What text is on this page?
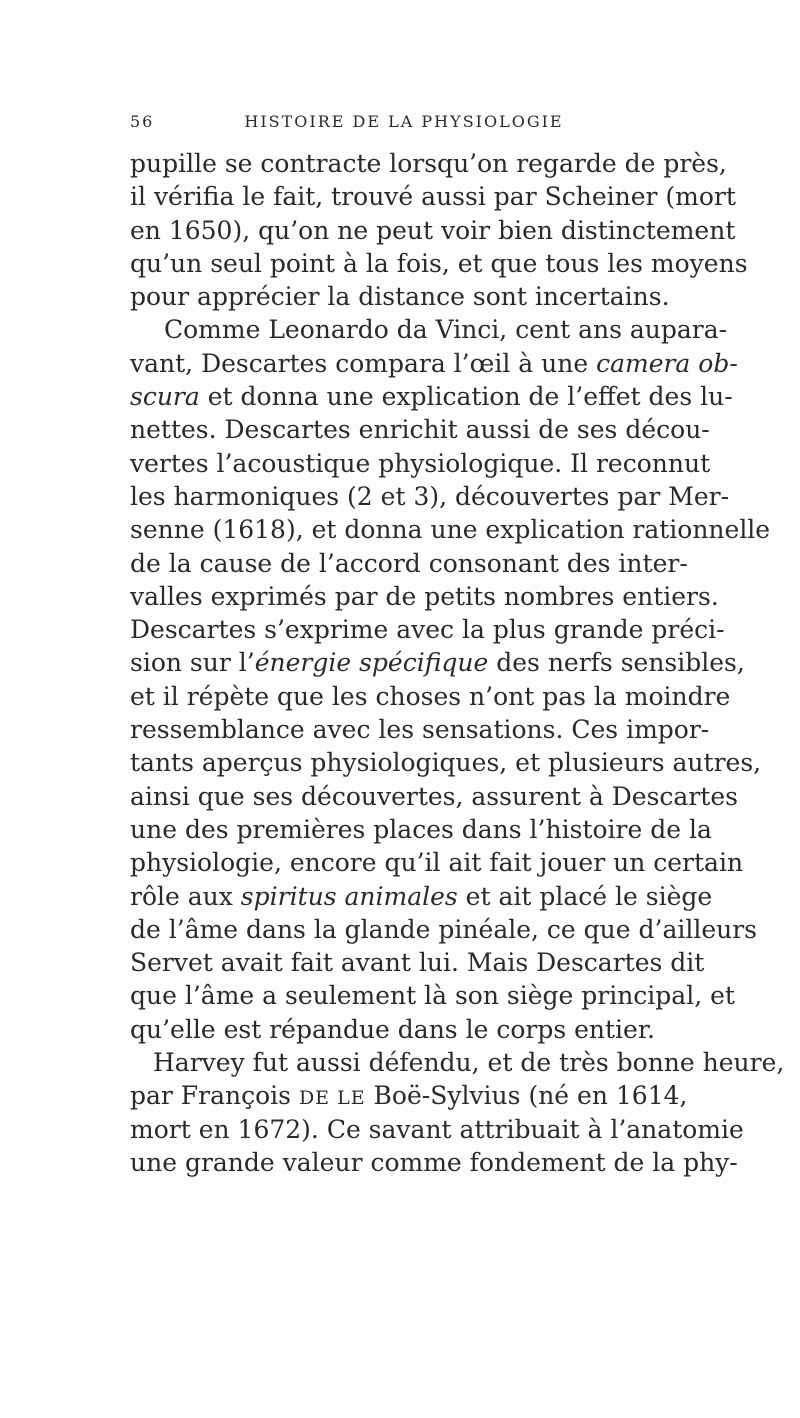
56	HISTOIRE DE LA PHYSIOLOGIE
pupille se contracte lorsqu’on regarde de près,
il vérifia le fait, trouvé aussi par Scheiner (mort
en 1650), qu’on ne peut voir bien distinctement
qu’un seul point à la fois, et que tous les moyens
pour apprécier la distance sont incertains.
Comme Leonardo da Vinci, cent ans aupara-
vant, Descartes compara l’œil à une camera ob-
scura et donna une explication de l’effet des lu-
nettes. Descartes enrichit aussi de ses décou-
vertes l’acoustique physiologique. Il reconnut
les harmoniques (2 et 3), découvertes par Mer-
senne (1618), et donna une explication rationnelle
de la cause de l’accord consonant des inter-
valles exprimés par de petits nombres entiers.
Descartes s’exprime avec la plus grande préci-
sion sur l’énergie spécifique des nerfs sensibles,
et il répète que les choses n’ont pas la moindre
ressemblance avec les sensations. Ces impor-
tants aperçus physiologiques, et plusieurs autres,
ainsi que ses découvertes, assurent à Descartes
une des premières places dans l’histoire de la
physiologie, encore qu’il ait fait jouer un certain
rôle aux spiritus animales et ait placé le siège
de l’âme dans la glande pinéale, ce que d’ailleurs
Servet avait fait avant lui. Mais Descartes dit
que l’âme a seulement là son siège principal, et
qu’elle est répandue dans le corps entier.
Harvey fut aussi défendu, et de très bonne heure,
par François DE LE Boë-Sylvius (né en 1614,
mort en 1672). Ce savant attribuait à l’anatomie
une grande valeur comme fondement de la phy-
